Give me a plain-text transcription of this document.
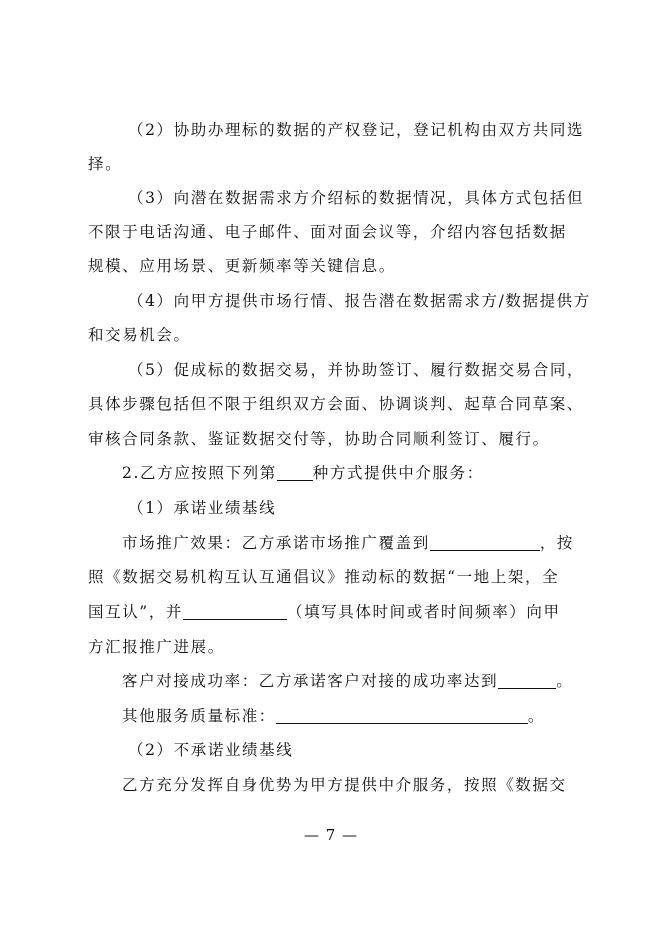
（2）协助办理标的数据的产权登记，登记机构由双方共同选
择。
（3）向潜在数据需求方介绍标的数据情况，具体方式包括但
不限于电话沟通、电子邮件、面对面会议等，介绍内容包括数据
规模、应用场景、更新频率等关键信息。
（4）向甲方提供市场行情、报告潜在数据需求方/数据提供方
和交易机会。
（5）促成标的数据交易，并协助签订、履行数据交易合同，
具体步骤包括但不限于组织双方会面、协调谈判、起草合同草案、
审核合同条款、鉴证数据交付等，协助合同顺利签订、履行。
2.乙方应按照下列第 种方式提供中介服务：
（1）承诺业绩基线
市场推广效果：乙方承诺市场推广覆盖到	，按
照《数据交易机构互认互通倡议》推动标的数据“一地上架，全
国互认”，并	（填写具体时间或者时间频率）向甲
方汇报推广进展。
客户对接成功率：乙方承诺客户对接的成功率达到	。
其他服务质量标准：	。
（2）不承诺业绩基线
乙方充分发挥自身优势为甲方提供中介服务，按照《数据交
— 7 —
